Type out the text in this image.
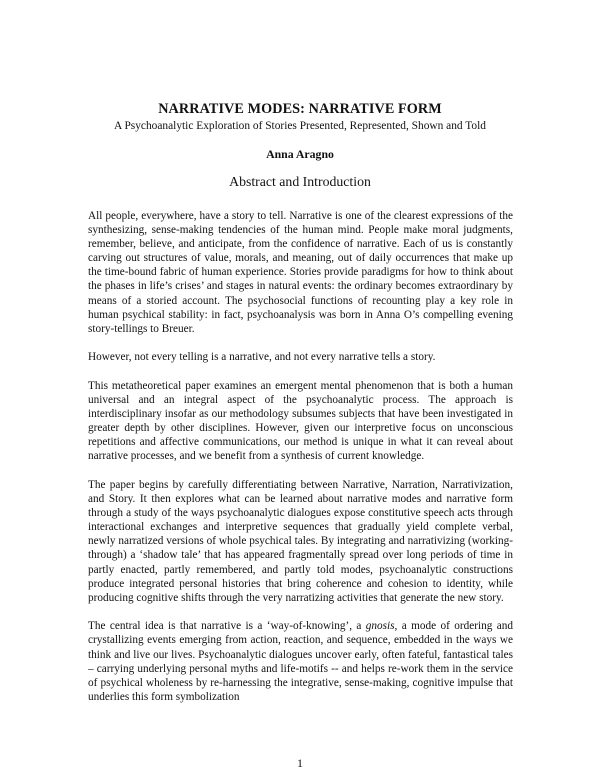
NARRATIVE MODES: NARRATIVE FORM

A Psychoanalytic Exploration of Stories Presented, Represented, Shown and Told

Anna Aragno

Abstract and Introduction

All people, everywhere, have a story to tell. Narrative is one of the clearest expressions of the synthesizing, sense-making tendencies of the human mind. People make moral judgments, remember, believe, and anticipate, from the confidence of narrative. Each of us is constantly carving out structures of value, morals, and meaning, out of daily occurrences that make up the time-bound fabric of human experience. Stories provide paradigms for how to think about the phases in life’s crises’ and stages in natural events: the ordinary becomes extraordinary by means of a storied account. The psychosocial functions of recounting play a key role in human psychical stability: in fact, psychoanalysis was born in Anna O’s compelling evening story-tellings to Breuer.

However, not every telling is a narrative, and not every narrative tells a story.

This metatheoretical paper examines an emergent mental phenomenon that is both a human universal and an integral aspect of the psychoanalytic process. The approach is interdisciplinary insofar as our methodology subsumes subjects that have been investigated in greater depth by other disciplines. However, given our interpretive focus on unconscious repetitions and affective communications, our method is unique in what it can reveal about narrative processes, and we benefit from a synthesis of current knowledge.

The paper begins by carefully differentiating between Narrative, Narration, Narrativization, and Story. It then explores what can be learned about narrative modes and narrative form through a study of the ways psychoanalytic dialogues expose constitutive speech acts through interactional exchanges and interpretive sequences that gradually yield complete verbal, newly narratized versions of whole psychical tales. By integrating and narrativizing (working-through) a ‘shadow tale’ that has appeared fragmentally spread over long periods of time in partly enacted, partly remembered, and partly told modes, psychoanalytic constructions produce integrated personal histories that bring coherence and cohesion to identity, while producing cognitive shifts through the very narratizing activities that generate the new story.

The central idea is that narrative is a ‘way-of-knowing’, a gnosis, a mode of ordering and crystallizing events emerging from action, reaction, and sequence, embedded in the ways we think and live our lives. Psychoanalytic dialogues uncover early, often fateful, fantastical tales – carrying underlying personal myths and life-motifs -- and helps re-work them in the service of psychical wholeness by re-harnessing the integrative, sense-making, cognitive impulse that underlies this form symbolization

1
